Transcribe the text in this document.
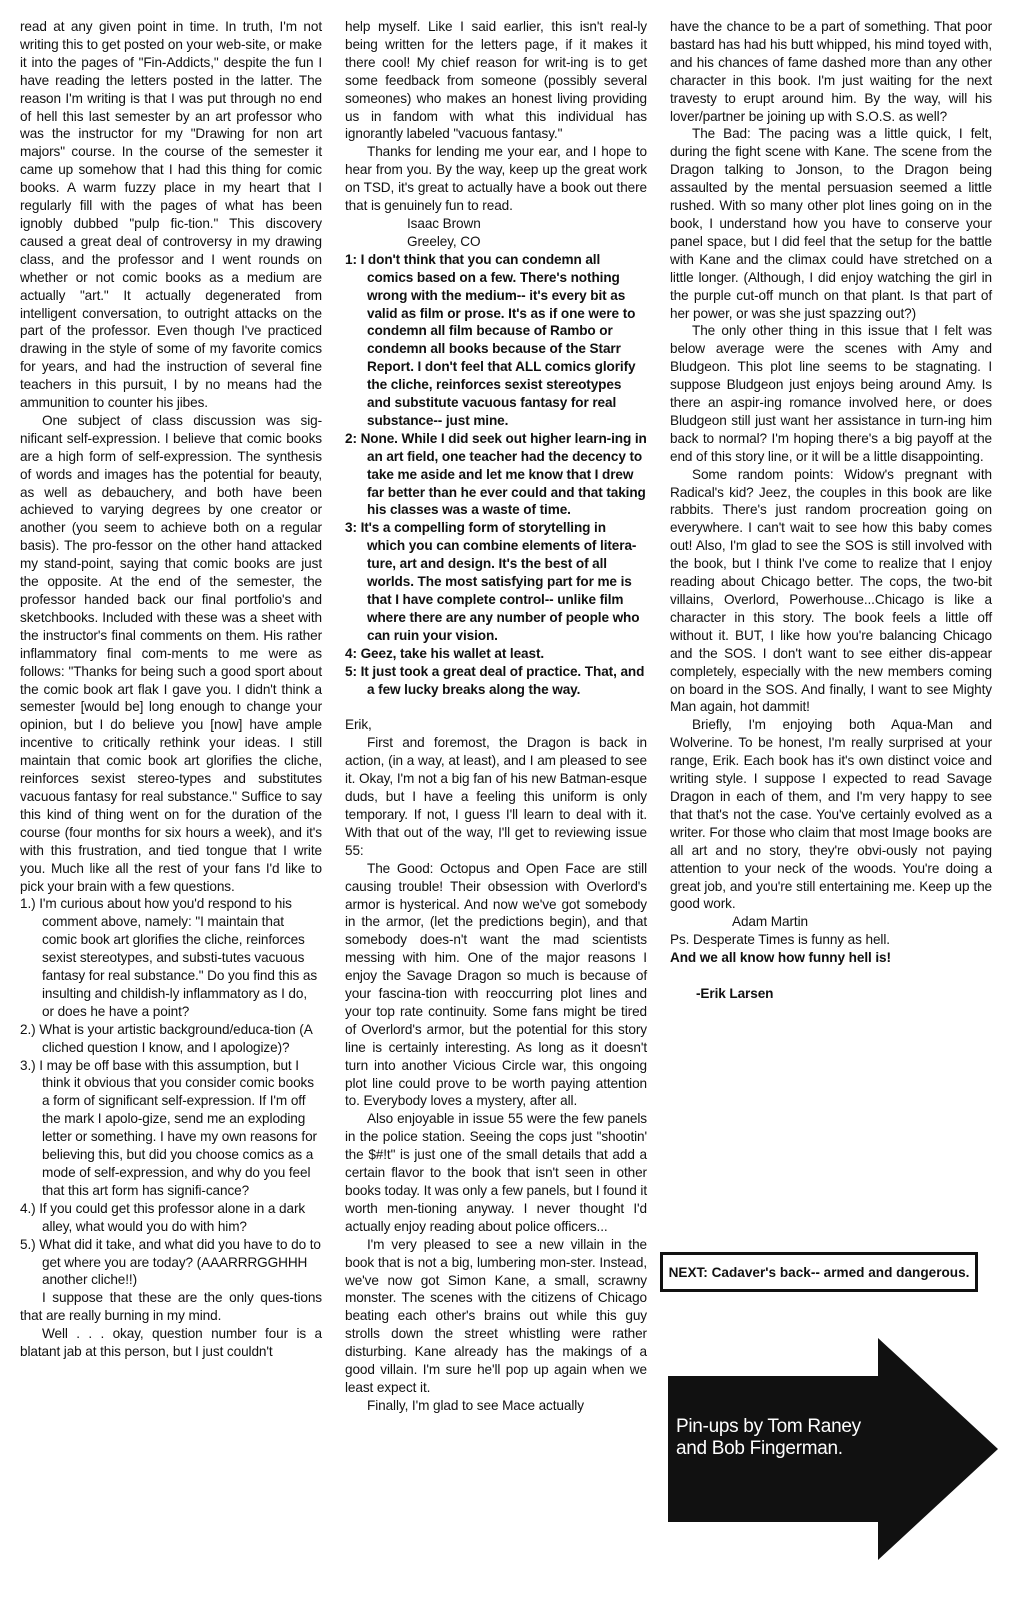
read at any given point in time. In truth, I'm not writing this to get posted on your web-site, or make it into the pages of "Fin-Addicts," despite the fun I have reading the letters posted in the latter. The reason I'm writing is that I was put through no end of hell this last semester by an art professor who was the instructor for my "Drawing for non art majors" course. In the course of the semester it came up somehow that I had this thing for comic books. A warm fuzzy place in my heart that I regularly fill with the pages of what has been ignobly dubbed "pulp fic-tion." This discovery caused a great deal of controversy in my drawing class, and the professor and I went rounds on whether or not comic books as a medium are actually "art." It actually degenerated from intelligent conversation, to outright attacks on the part of the professor. Even though I've practiced drawing in the style of some of my favorite comics for years, and had the instruction of several fine teachers in this pursuit, I by no means had the ammunition to counter his jibes.

One subject of class discussion was sig-nificant self-expression. I believe that comic books are a high form of self-expression. The synthesis of words and images has the potential for beauty, as well as debauchery, and both have been achieved to varying degrees by one creator or another (you seem to achieve both on a regular basis). The pro-fessor on the other hand attacked my stand-point, saying that comic books are just the opposite. At the end of the semester, the professor handed back our final portfolio's and sketchbooks. Included with these was a sheet with the instructor's final comments on them. His rather inflammatory final com-ments to me were as follows: "Thanks for being such a good sport about the comic book art flak I gave you. I didn't think a semester [would be] long enough to change your opinion, but I do believe you [now] have ample incentive to critically rethink your ideas. I still maintain that comic book art glorifies the cliche, reinforces sexist stereo-types and substitutes vacuous fantasy for real substance." Suffice to say this kind of thing went on for the duration of the course (four months for six hours a week), and it's with this frustration, and tied tongue that I write you. Much like all the rest of your fans I'd like to pick your brain with a few questions.

1.) I'm curious about how you'd respond to his comment above, namely: "I maintain that comic book art glorifies the cliche, reinforces sexist stereotypes, and substi-tutes vacuous fantasy for real substance." Do you find this as insulting and childish-ly inflammatory as I do, or does he have a point?
2.) What is your artistic background/educa-tion (A cliched question I know, and I apologize)?
3.) I may be off base with this assumption, but I think it obvious that you consider comic books a form of significant self-expression. If I'm off the mark I apolo-gize, send me an exploding letter or something. I have my own reasons for believing this, but did you choose comics as a mode of self-expression, and why do you feel that this art form has signifi-cance?
4.) If you could get this professor alone in a dark alley, what would you do with him?
5.) What did it take, and what did you have to do to get where you are today? (AAARRRGGHHH another cliche!!)

I suppose that these are the only ques-tions that are really burning in my mind.

Well . . . okay, question number four is a blatant jab at this person, but I just couldn't

help myself. Like I said earlier, this isn't real-ly being written for the letters page, if it makes it there cool! My chief reason for writ-ing is to get some feedback from someone (possibly several someones) who makes an honest living providing us in fandom with what this individual has ignorantly labeled "vacuous fantasy."

Thanks for lending me your ear, and I hope to hear from you. By the way, keep up the great work on TSD, it's great to actually have a book out there that is genuinely fun to read.

Isaac Brown
Greeley, CO
1: I don't think that you can condemn all comics based on a few. There's nothing wrong with the medium-- it's every bit as valid as film or prose. It's as if one were to condemn all film because of Rambo or condemn all books because of the Starr Report. I don't feel that ALL comics glorify the cliche, reinforces sexist stereotypes and substitute vacuous fantasy for real substance-- just mine.
2: None. While I did seek out higher learn-ing in an art field, one teacher had the decency to take me aside and let me know that I drew far better than he ever could and that taking his classes was a waste of time.
3: It's a compelling form of storytelling in which you can combine elements of litera-ture, art and design. It's the best of all worlds. The most satisfying part for me is that I have complete control-- unlike film where there are any number of people who can ruin your vision.
4: Geez, take his wallet at least.
5: It just took a great deal of practice. That, and a few lucky breaks along the way.

Erik,

First and foremost, the Dragon is back in action, (in a way, at least), and I am pleased to see it. Okay, I'm not a big fan of his new Batman-esque duds, but I have a feeling this uniform is only temporary. If not, I guess I'll learn to deal with it. With that out of the way, I'll get to reviewing issue 55:

The Good: Octopus and Open Face are still causing trouble! Their obsession with Overlord's armor is hysterical. And now we've got somebody in the armor, (let the predictions begin), and that somebody does-n't want the mad scientists messing with him. One of the major reasons I enjoy the Savage Dragon so much is because of your fascina-tion with reoccurring plot lines and your top rate continuity. Some fans might be tired of Overlord's armor, but the potential for this story line is certainly interesting. As long as it doesn't turn into another Vicious Circle war, this ongoing plot line could prove to be worth paying attention to. Everybody loves a mystery, after all.

Also enjoyable in issue 55 were the few panels in the police station. Seeing the cops just "shootin' the $#!t" is just one of the small details that add a certain flavor to the book that isn't seen in other books today. It was only a few panels, but I found it worth men-tioning anyway. I never thought I'd actually enjoy reading about police officers...

I'm very pleased to see a new villain in the book that is not a big, lumbering mon-ster. Instead, we've now got Simon Kane, a small, scrawny monster. The scenes with the citizens of Chicago beating each other's brains out while this guy strolls down the street whistling were rather disturbing. Kane already has the makings of a good villain. I'm sure he'll pop up again when we least expect it.

Finally, I'm glad to see Mace actually

have the chance to be a part of something. That poor bastard has had his butt whipped, his mind toyed with, and his chances of fame dashed more than any other character in this book. I'm just waiting for the next travesty to erupt around him. By the way, will his lover/partner be joining up with S.O.S. as well?

The Bad: The pacing was a little quick, I felt, during the fight scene with Kane. The scene from the Dragon talking to Jonson, to the Dragon being assaulted by the mental persuasion seemed a little rushed. With so many other plot lines going on in the book, I understand how you have to conserve your panel space, but I did feel that the setup for the battle with Kane and the climax could have stretched on a little longer. (Although, I did enjoy watching the girl in the purple cut-off munch on that plant. Is that part of her power, or was she just spazzing out?)

The only other thing in this issue that I felt was below average were the scenes with Amy and Bludgeon. This plot line seems to be stagnating. I suppose Bludgeon just enjoys being around Amy. Is there an aspir-ing romance involved here, or does Bludgeon still just want her assistance in turn-ing him back to normal? I'm hoping there's a big payoff at the end of this story line, or it will be a little disappointing.

Some random points: Widow's pregnant with Radical's kid? Jeez, the couples in this book are like rabbits. There's just random procreation going on everywhere. I can't wait to see how this baby comes out! Also, I'm glad to see the SOS is still involved with the book, but I think I've come to realize that I enjoy reading about Chicago better. The cops, the two-bit villains, Overlord, Powerhouse...Chicago is like a character in this story. The book feels a little off without it. BUT, I like how you're balancing Chicago and the SOS. I don't want to see either dis-appear completely, especially with the new members coming on board in the SOS. And finally, I want to see Mighty Man again, hot dammit!

Briefly, I'm enjoying both Aqua-Man and Wolverine. To be honest, I'm really surprised at your range, Erik. Each book has it's own distinct voice and writing style. I suppose I expected to read Savage Dragon in each of them, and I'm very happy to see that that's not the case. You've certainly evolved as a writer. For those who claim that most Image books are all art and no story, they're obvi-ously not paying attention to your neck of the woods. You're doing a great job, and you're still entertaining me. Keep up the good work.

Adam Martin

Ps. Desperate Times is funny as hell.

And we all know how funny hell is!

-Erik Larsen

NEXT: Cadaver's back-- armed and dangerous.
Pin-ups by Tom Raney
and Bob Fingerman.
